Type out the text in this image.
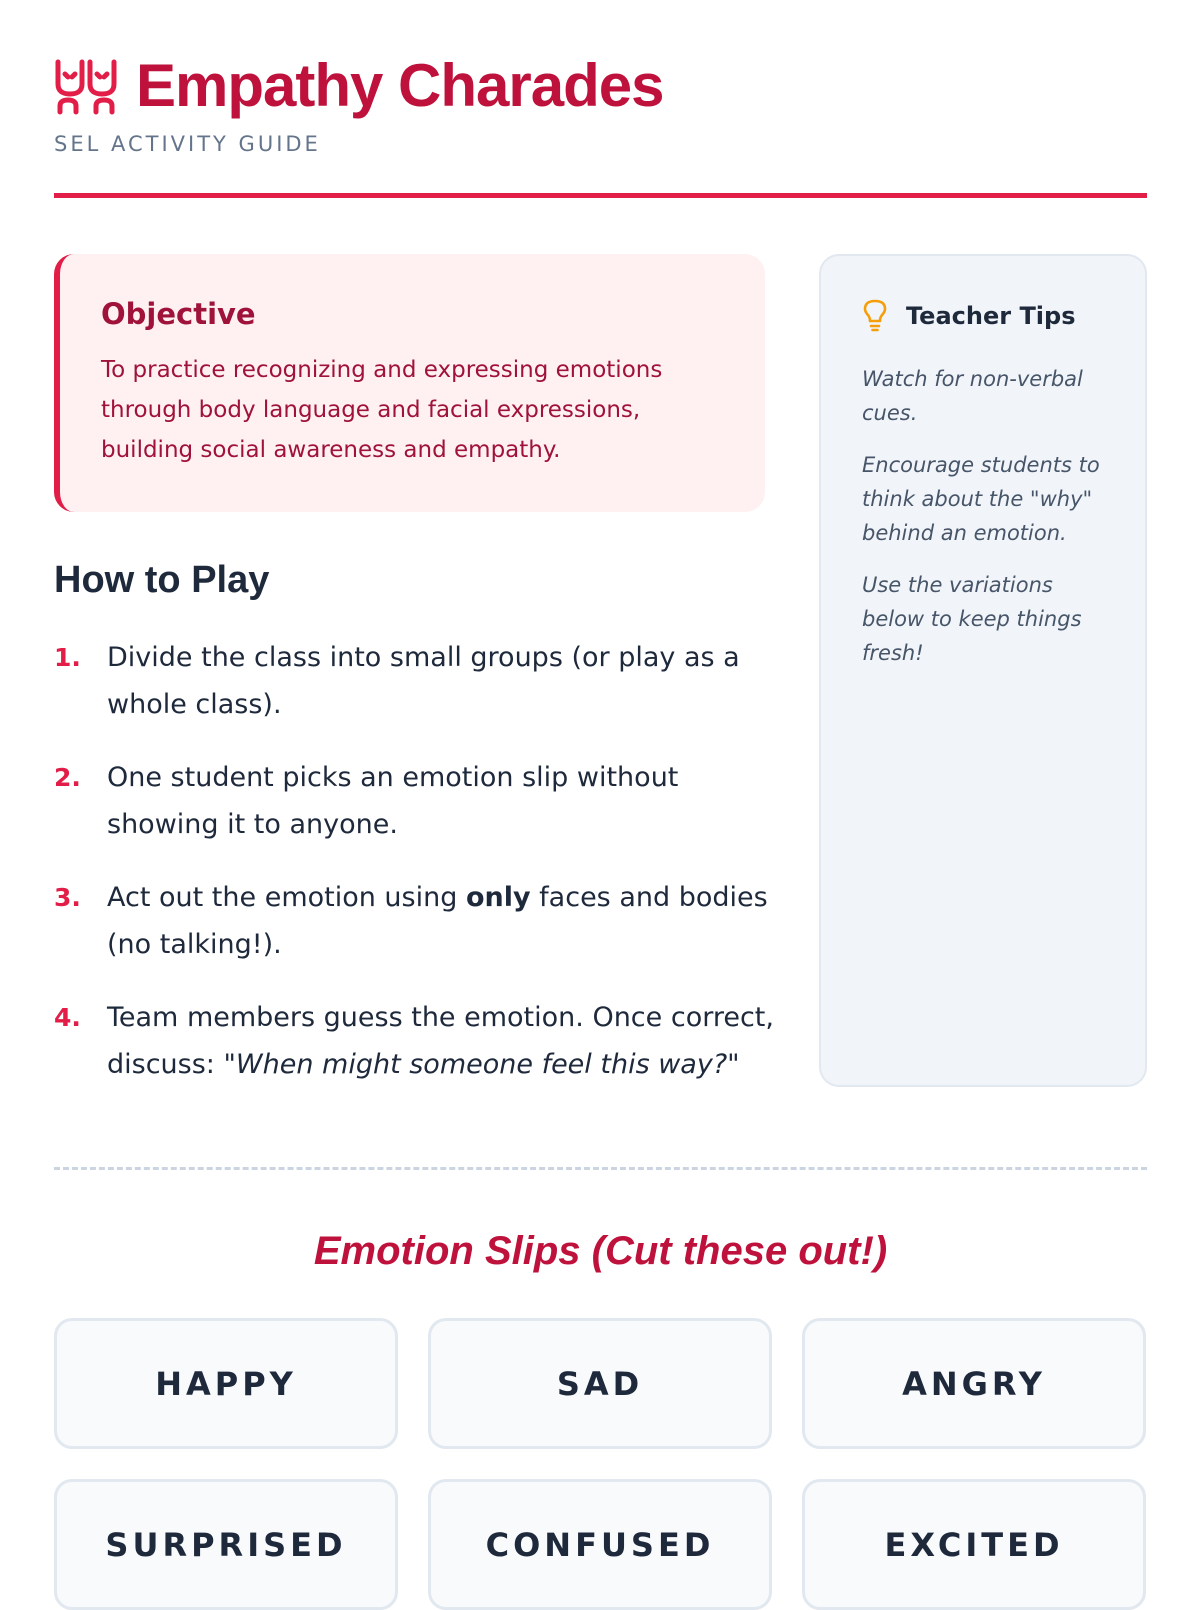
Empathy Charades
SEL ACTIVITY GUIDE
Objective

To practice recognizing and expressing emotions through body language and facial expressions, building social awareness and empathy.

How to Play
1. Divide the class into small groups (or play as a whole class).
2. One student picks an emotion slip without showing it to anyone.
3. Act out the emotion using only faces and bodies (no talking!).
4. Team members guess the emotion. Once correct, discuss: "When might someone feel this way?"
Teacher Tips

Watch for non-verbal cues.

Encourage students to think about the "why" behind an emotion.

Use the variations below to keep things fresh!

Emotion Slips (Cut these out!)
HAPPY	SAD	ANGRY
SURPRISED	CONFUSED	EXCITED
